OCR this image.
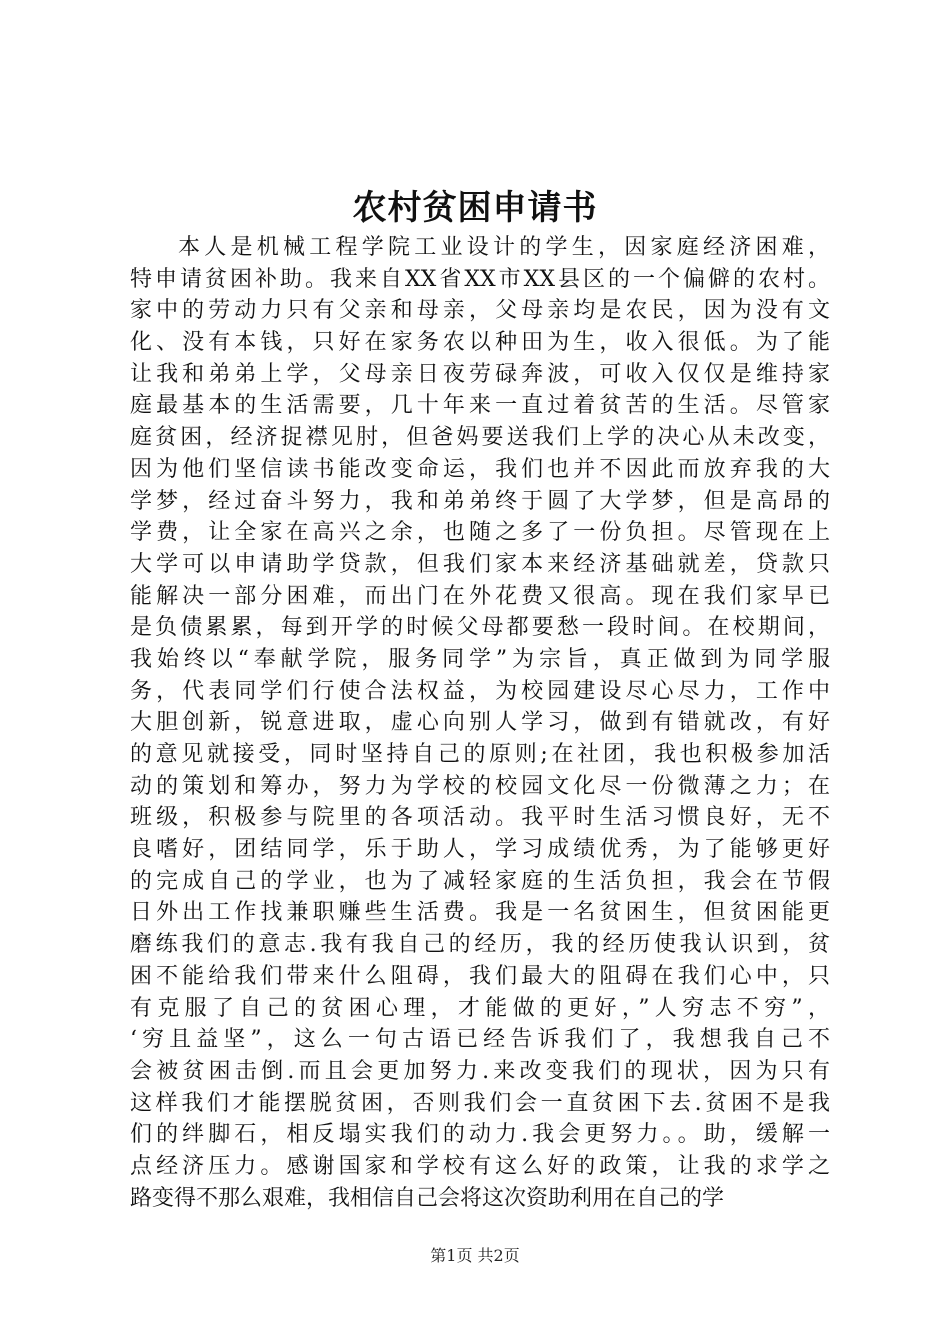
农村贫困申请书
本人是机械工程学院工业设计的学生，因家庭经济困难，
特申请贫困补助。我来自XX省XX市XX县区的一个偏僻的农村。
家中的劳动力只有父亲和母亲，父母亲均是农民，因为没有文
化、没有本钱，只好在家务农以种田为生，收入很低。为了能
让我和弟弟上学，父母亲日夜劳碌奔波，可收入仅仅是维持家
庭最基本的生活需要，几十年来一直过着贫苦的生活。尽管家
庭贫困，经济捉襟见肘，但爸妈要送我们上学的决心从未改变，
因为他们坚信读书能改变命运，我们也并不因此而放弃我的大
学梦，经过奋斗努力，我和弟弟终于圆了大学梦，但是高昂的
学费，让全家在高兴之余，也随之多了一份负担。尽管现在上
大学可以申请助学贷款，但我们家本来经济基础就差，贷款只
能解决一部分困难，而出门在外花费又很高。现在我们家早已
是负债累累，每到开学的时候父母都要愁一段时间。在校期间，
我始终以“奉献学院，服务同学”为宗旨，真正做到为同学服
务，代表同学们行使合法权益，为校园建设尽心尽力，工作中
大胆创新，锐意进取，虚心向别人学习，做到有错就改，有好
的意见就接受，同时坚持自己的原则;在社团，我也积极参加活
动的策划和筹办，努力为学校的校园文化尽一份微薄之力；在
班级，积极参与院里的各项活动。我平时生活习惯良好，无不
良嗜好，团结同学，乐于助人，学习成绩优秀，为了能够更好
的完成自己的学业，也为了减轻家庭的生活负担，我会在节假
日外出工作找兼职赚些生活费。我是一名贫困生，但贫困能更
磨练我们的意志.我有我自己的经历，我的经历使我认识到，贫
困不能给我们带来什么阻碍，我们最大的阻碍在我们心中，只
有克服了自己的贫困心理，才能做的更好，”人穷志不穷”，
‘穷且益坚”，这么一句古语已经告诉我们了，我想我自己不
会被贫困击倒.而且会更加努力.来改变我们的现状，因为只有
这样我们才能摆脱贫困，否则我们会一直贫困下去.贫困不是我
们的绊脚石，相反塌实我们的动力.我会更努力。。助，缓解一
点经济压力。感谢国家和学校有这么好的政策，让我的求学之
路变得不那么艰难，我相信自己会将这次资助利用在自己的学
第1页 共2页
